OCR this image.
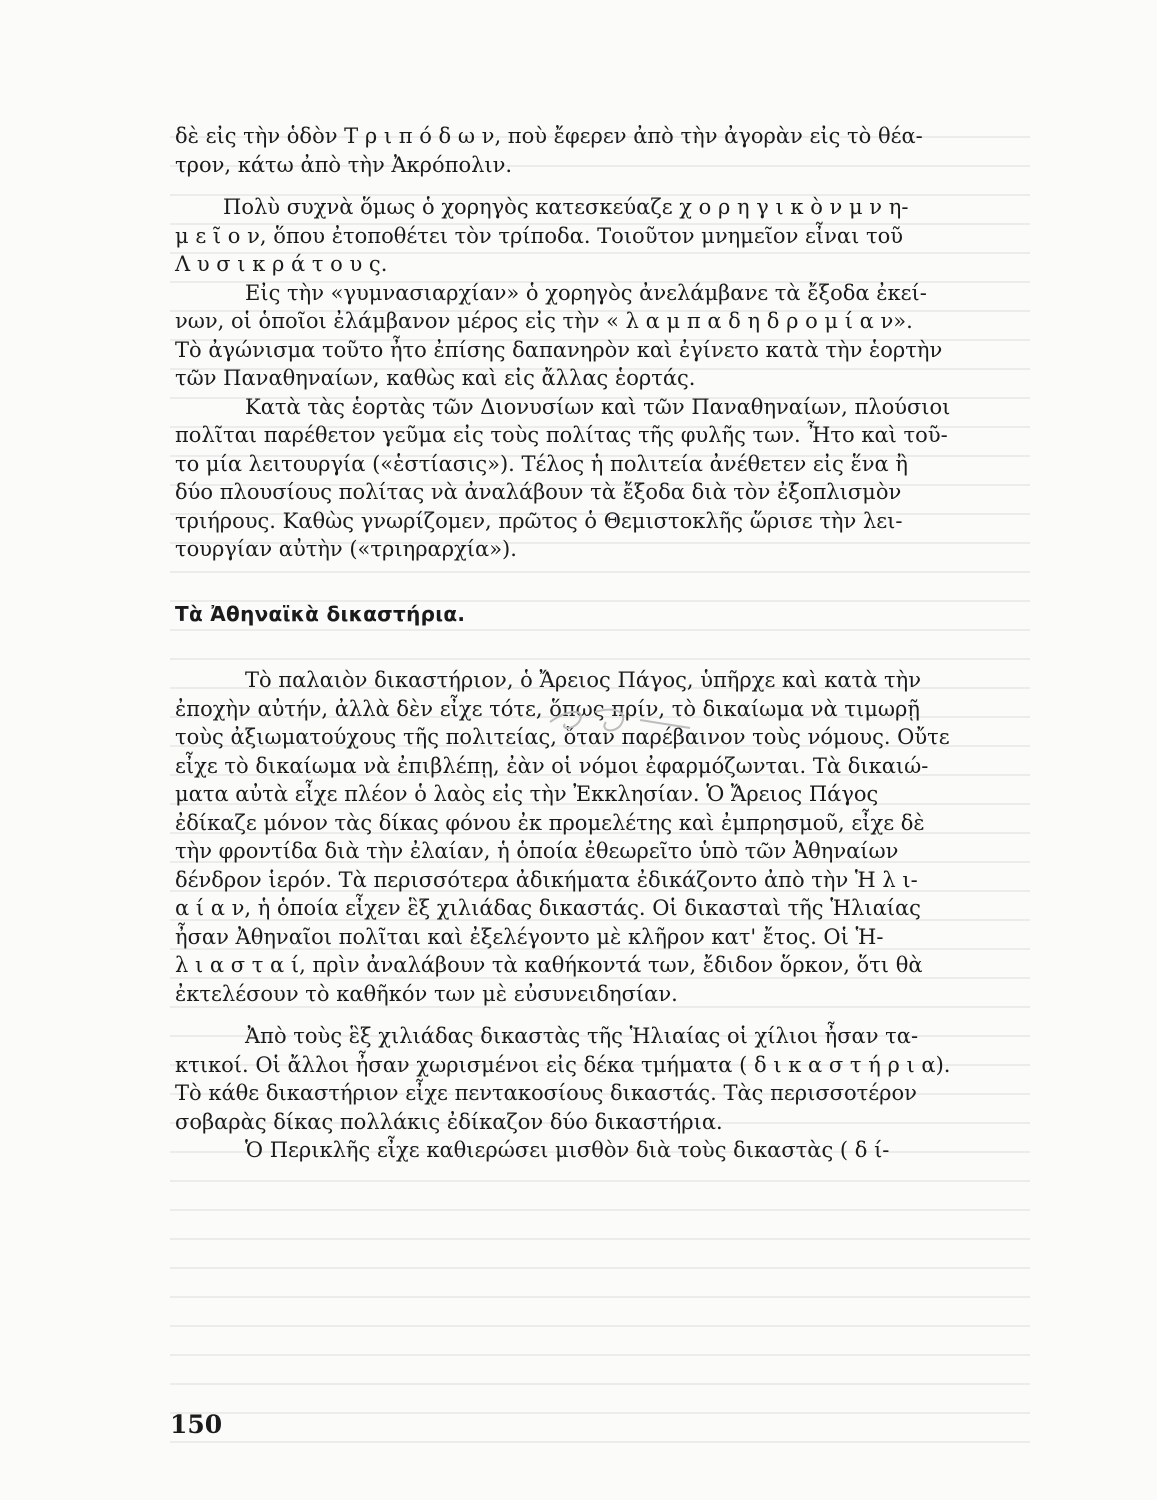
δὲ εἰς τὴν ὁδὸν Τ ρ ι π ό δ ω ν, ποὺ ἔφερεν ἀπὸ τὴν ἀγορὰν εἰς τὸ θέα-
τρον, κάτω ἀπὸ τὴν Ἀκρόπολιν.
Πολὺ συχνὰ ὅμως ὁ χορηγὸς κατεσκεύαζε χ ο ρ η γ ι κ ὸ ν μ ν η-
μ ε ῖ ο ν, ὅπου ἐτοποθέτει τὸν τρίποδα. Τοιοῦτον μνημεῖον εἶναι τοῦ
Λ υ σ ι κ ρ ά τ ο υ ς.
Εἰς τὴν «γυμνασιαρχίαν» ὁ χορηγὸς ἀνελάμβανε τὰ ἔξοδα ἐκεί-
νων, οἱ ὁποῖοι ἐλάμβανον μέρος εἰς τὴν « λ α μ π α δ η δ ρ ο μ ί α ν».
Τὸ ἀγώνισμα τοῦτο ἦτο ἐπίσης δαπανηρὸν καὶ ἐγίνετο κατὰ τὴν ἑορτὴν
τῶν Παναθηναίων, καθὼς καὶ εἰς ἄλλας ἑορτάς.
Κατὰ τὰς ἑορτὰς τῶν Διονυσίων καὶ τῶν Παναθηναίων, πλούσιοι
πολῖται παρέθετον γεῦμα εἰς τοὺς πολίτας τῆς φυλῆς των. Ἦτο καὶ τοῦ-
το μία λειτουργία («ἑστίασις»). Τέλος ἡ πολιτεία ἀνέθετεν εἰς ἕνα ἢ
δύο πλουσίους πολίτας νὰ ἀναλάβουν τὰ ἔξοδα διὰ τὸν ἐξοπλισμὸν
τριήρους. Καθὼς γνωρίζομεν, πρῶτος ὁ Θεμιστοκλῆς ὥρισε τὴν λει-
τουργίαν αὐτὴν («τριηραρχία»).
Τὰ Ἀθηναϊκὰ δικαστήρια.
Τὸ παλαιὸν δικαστήριον, ὁ Ἄρειος Πάγος, ὑπῆρχε καὶ κατὰ τὴν
ἐποχὴν αὐτήν, ἀλλὰ δὲν εἶχε τότε, ὅπως πρίν, τὸ δικαίωμα νὰ τιμωρῇ
τοὺς ἀξιωματούχους τῆς πολιτείας, ὅταν παρέβαινον τοὺς νόμους. Οὔτε
εἶχε τὸ δικαίωμα νὰ ἐπιβλέπῃ, ἐὰν οἱ νόμοι ἐφαρμόζωνται. Τὰ δικαιώ-
ματα αὐτὰ εἶχε πλέον ὁ λαὸς εἰς τὴν Ἐκκλησίαν. Ὁ Ἄρειος Πάγος
ἐδίκαζε μόνον τὰς δίκας φόνου ἐκ προμελέτης καὶ ἐμπρησμοῦ, εἶχε δὲ
τὴν φροντίδα διὰ τὴν ἐλαίαν, ἡ ὁποία ἐθεωρεῖτο ὑπὸ τῶν Ἀθηναίων
δένδρον ἱερόν. Τὰ περισσότερα ἀδικήματα ἐδικάζοντο ἀπὸ τὴν Ἡ λ ι-
α ί α ν, ἡ ὁποία εἶχεν ἓξ χιλιάδας δικαστάς. Οἱ δικασταὶ τῆς Ἡλιαίας
ἦσαν Ἀθηναῖοι πολῖται καὶ ἐξελέγοντο μὲ κλῆρον κατ' ἔτος. Οἱ Ἡ-
λ ι α σ τ α ί, πρὶν ἀναλάβουν τὰ καθήκοντά των, ἔδιδον ὅρκον, ὅτι θὰ
ἐκτελέσουν τὸ καθῆκόν των μὲ εὐσυνειδησίαν.
Ἀπὸ τοὺς ἓξ χιλιάδας δικαστὰς τῆς Ἡλιαίας οἱ χίλιοι ἦσαν τα-
κτικοί. Οἱ ἄλλοι ἦσαν χωρισμένοι εἰς δέκα τμήματα ( δ ι κ α σ τ ή ρ ι α).
Τὸ κάθε δικαστήριον εἶχε πεντακοσίους δικαστάς. Τὰς περισσοτέρον
σοβαρὰς δίκας πολλάκις ἐδίκαζον δύο δικαστήρια.
Ὁ Περικλῆς εἶχε καθιερώσει μισθὸν διὰ τοὺς δικαστὰς ( δ ί-
150
